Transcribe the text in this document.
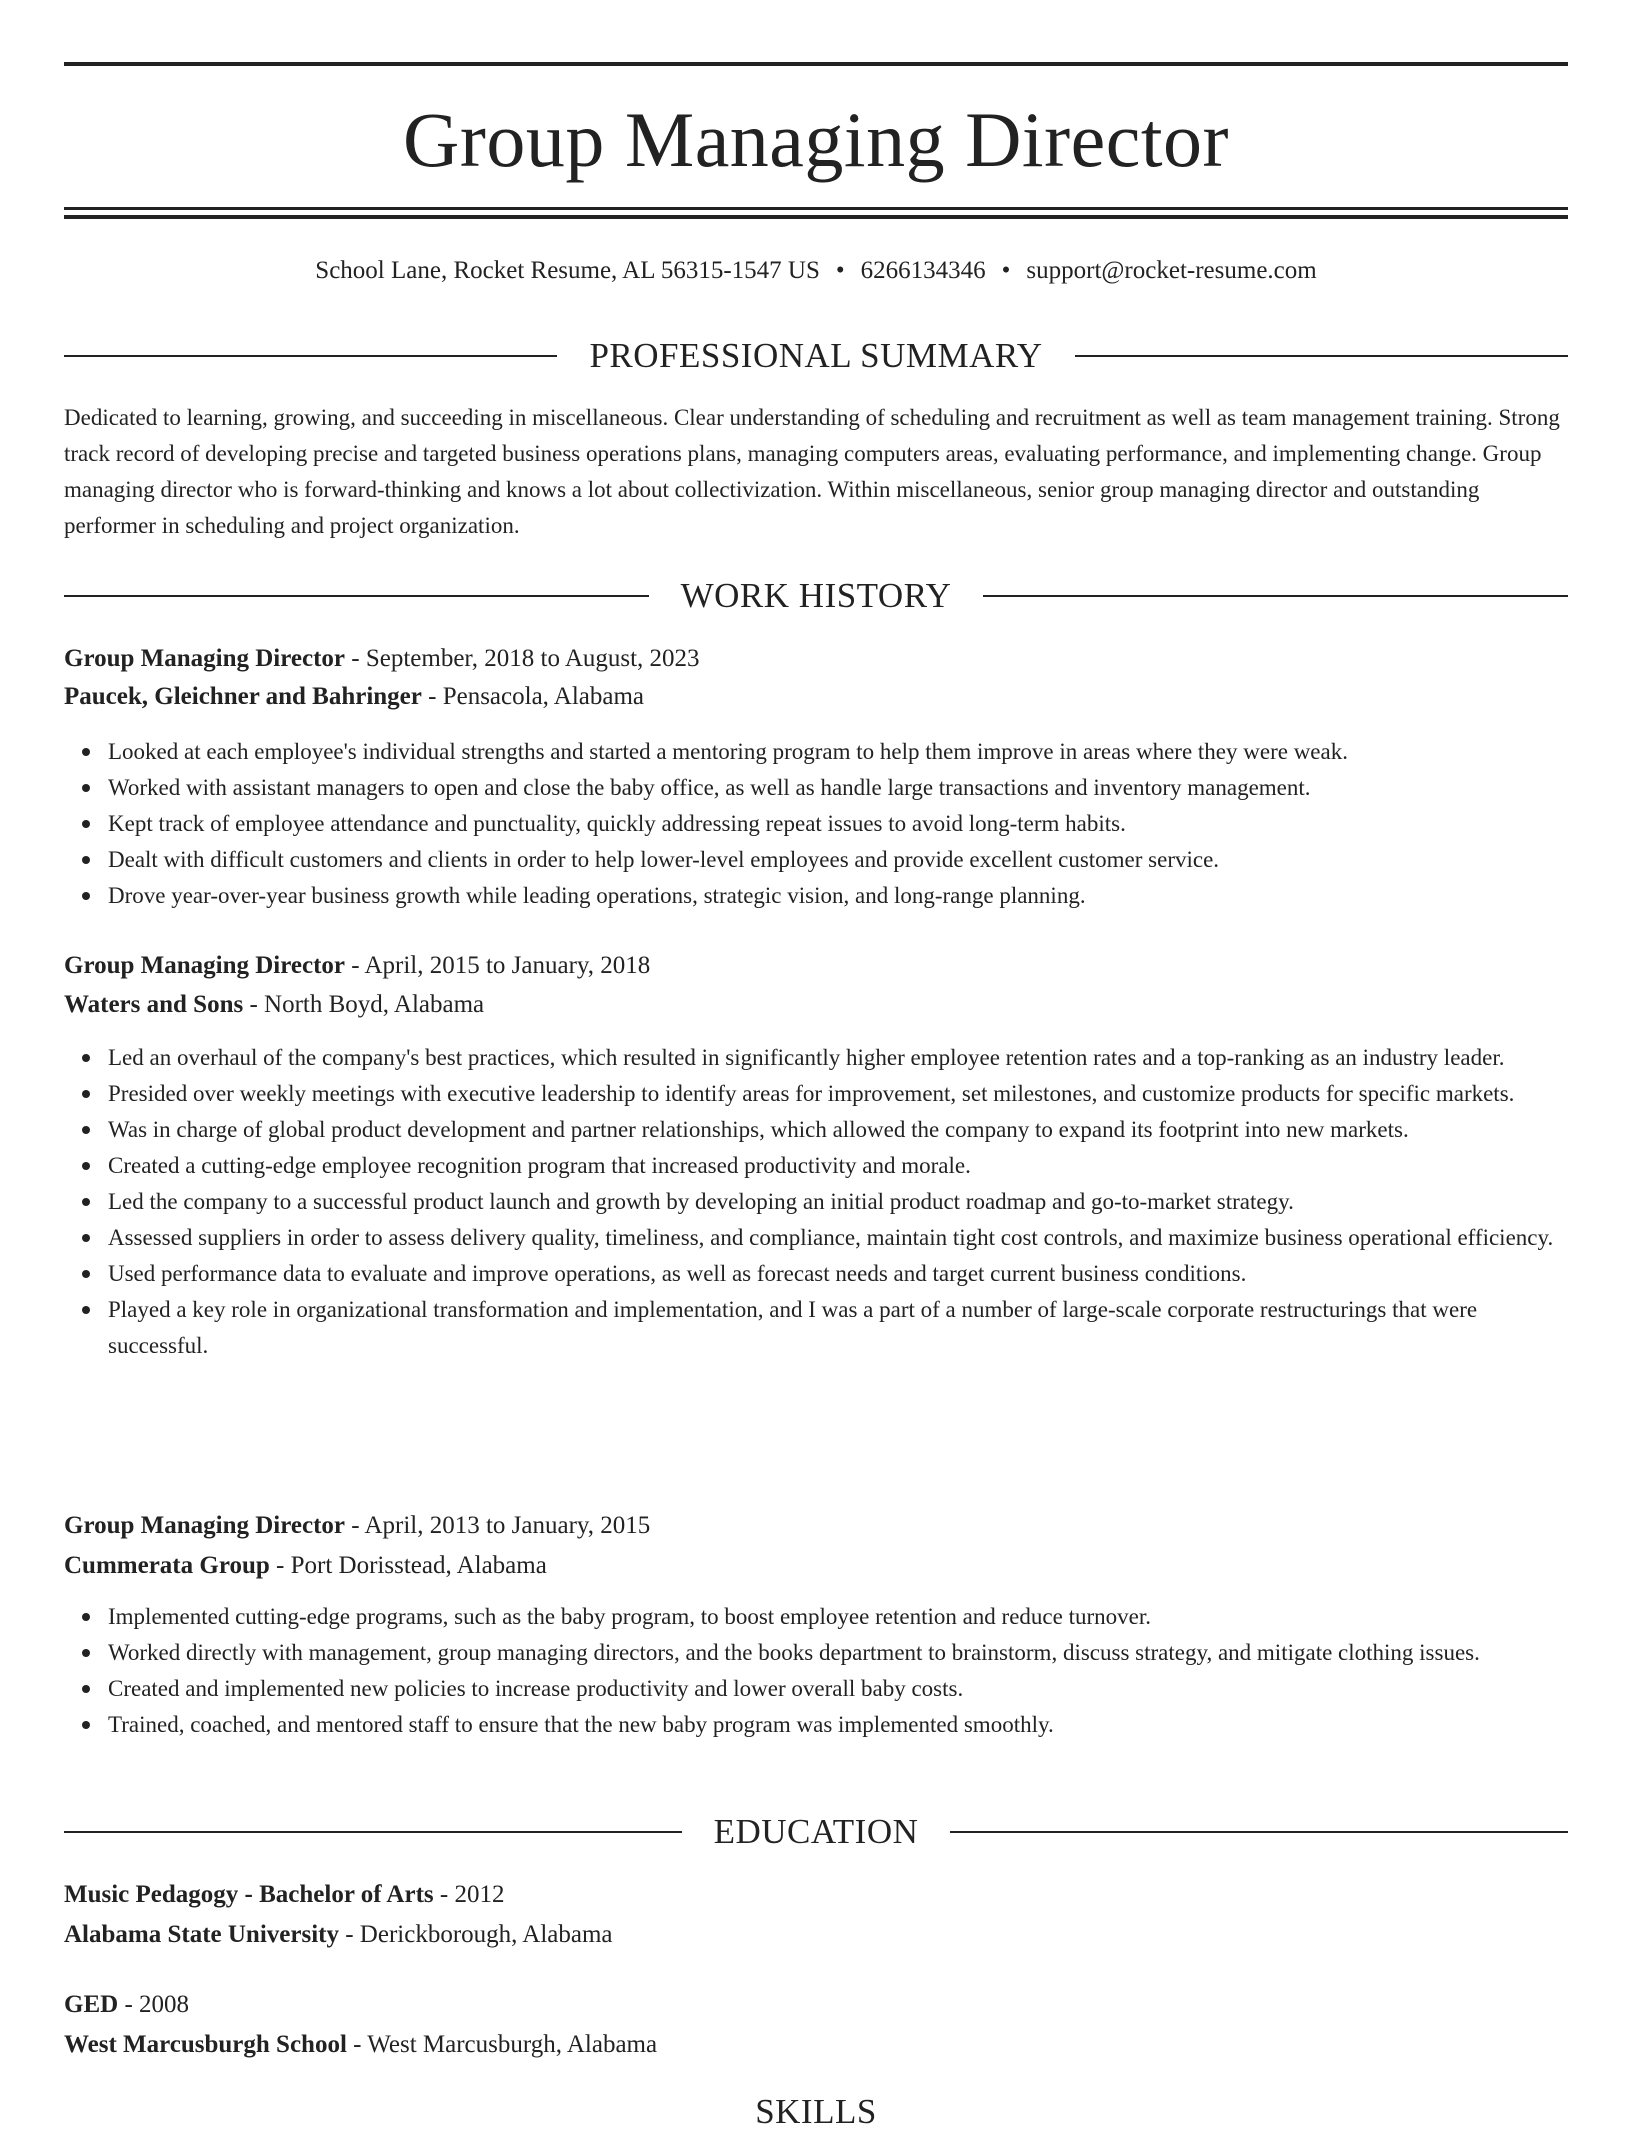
Group Managing Director
School Lane, Rocket Resume, AL 56315-1547 US • 6266134346 • support@rocket-resume.com
PROFESSIONAL SUMMARY

Dedicated to learning, growing, and succeeding in miscellaneous. Clear understanding of scheduling and recruitment as well as team management training. Strong track record of developing precise and targeted business operations plans, managing computers areas, evaluating performance, and implementing change. Group managing director who is forward-thinking and knows a lot about collectivization. Within miscellaneous, senior group managing director and outstanding performer in scheduling and project organization.

WORK HISTORY
Group Managing Director - September, 2018 to August, 2023
Paucek, Gleichner and Bahringer - Pensacola, Alabama
Looked at each employee's individual strengths and started a mentoring program to help them improve in areas where they were weak.
Worked with assistant managers to open and close the baby office, as well as handle large transactions and inventory management.
Kept track of employee attendance and punctuality, quickly addressing repeat issues to avoid long-term habits.
Dealt with difficult customers and clients in order to help lower-level employees and provide excellent customer service.
Drove year-over-year business growth while leading operations, strategic vision, and long-range planning.
Group Managing Director - April, 2015 to January, 2018
Waters and Sons - North Boyd, Alabama
Led an overhaul of the company's best practices, which resulted in significantly higher employee retention rates and a top-ranking as an industry leader.
Presided over weekly meetings with executive leadership to identify areas for improvement, set milestones, and customize products for specific markets.
Was in charge of global product development and partner relationships, which allowed the company to expand its footprint into new markets.
Created a cutting-edge employee recognition program that increased productivity and morale.
Led the company to a successful product launch and growth by developing an initial product roadmap and go-to-market strategy.
Assessed suppliers in order to assess delivery quality, timeliness, and compliance, maintain tight cost controls, and maximize business operational efficiency.
Used performance data to evaluate and improve operations, as well as forecast needs and target current business conditions.
Played a key role in organizational transformation and implementation, and I was a part of a number of large-scale corporate restructurings that were successful.
Group Managing Director - April, 2013 to January, 2015
Cummerata Group - Port Dorisstead, Alabama
Implemented cutting-edge programs, such as the baby program, to boost employee retention and reduce turnover.
Worked directly with management, group managing directors, and the books department to brainstorm, discuss strategy, and mitigate clothing issues.
Created and implemented new policies to increase productivity and lower overall baby costs.
Trained, coached, and mentored staff to ensure that the new baby program was implemented smoothly.
EDUCATION
Music Pedagogy - Bachelor of Arts - 2012
Alabama State University - Derickborough, Alabama
GED - 2008
West Marcusburgh School - West Marcusburgh, Alabama
SKILLS
